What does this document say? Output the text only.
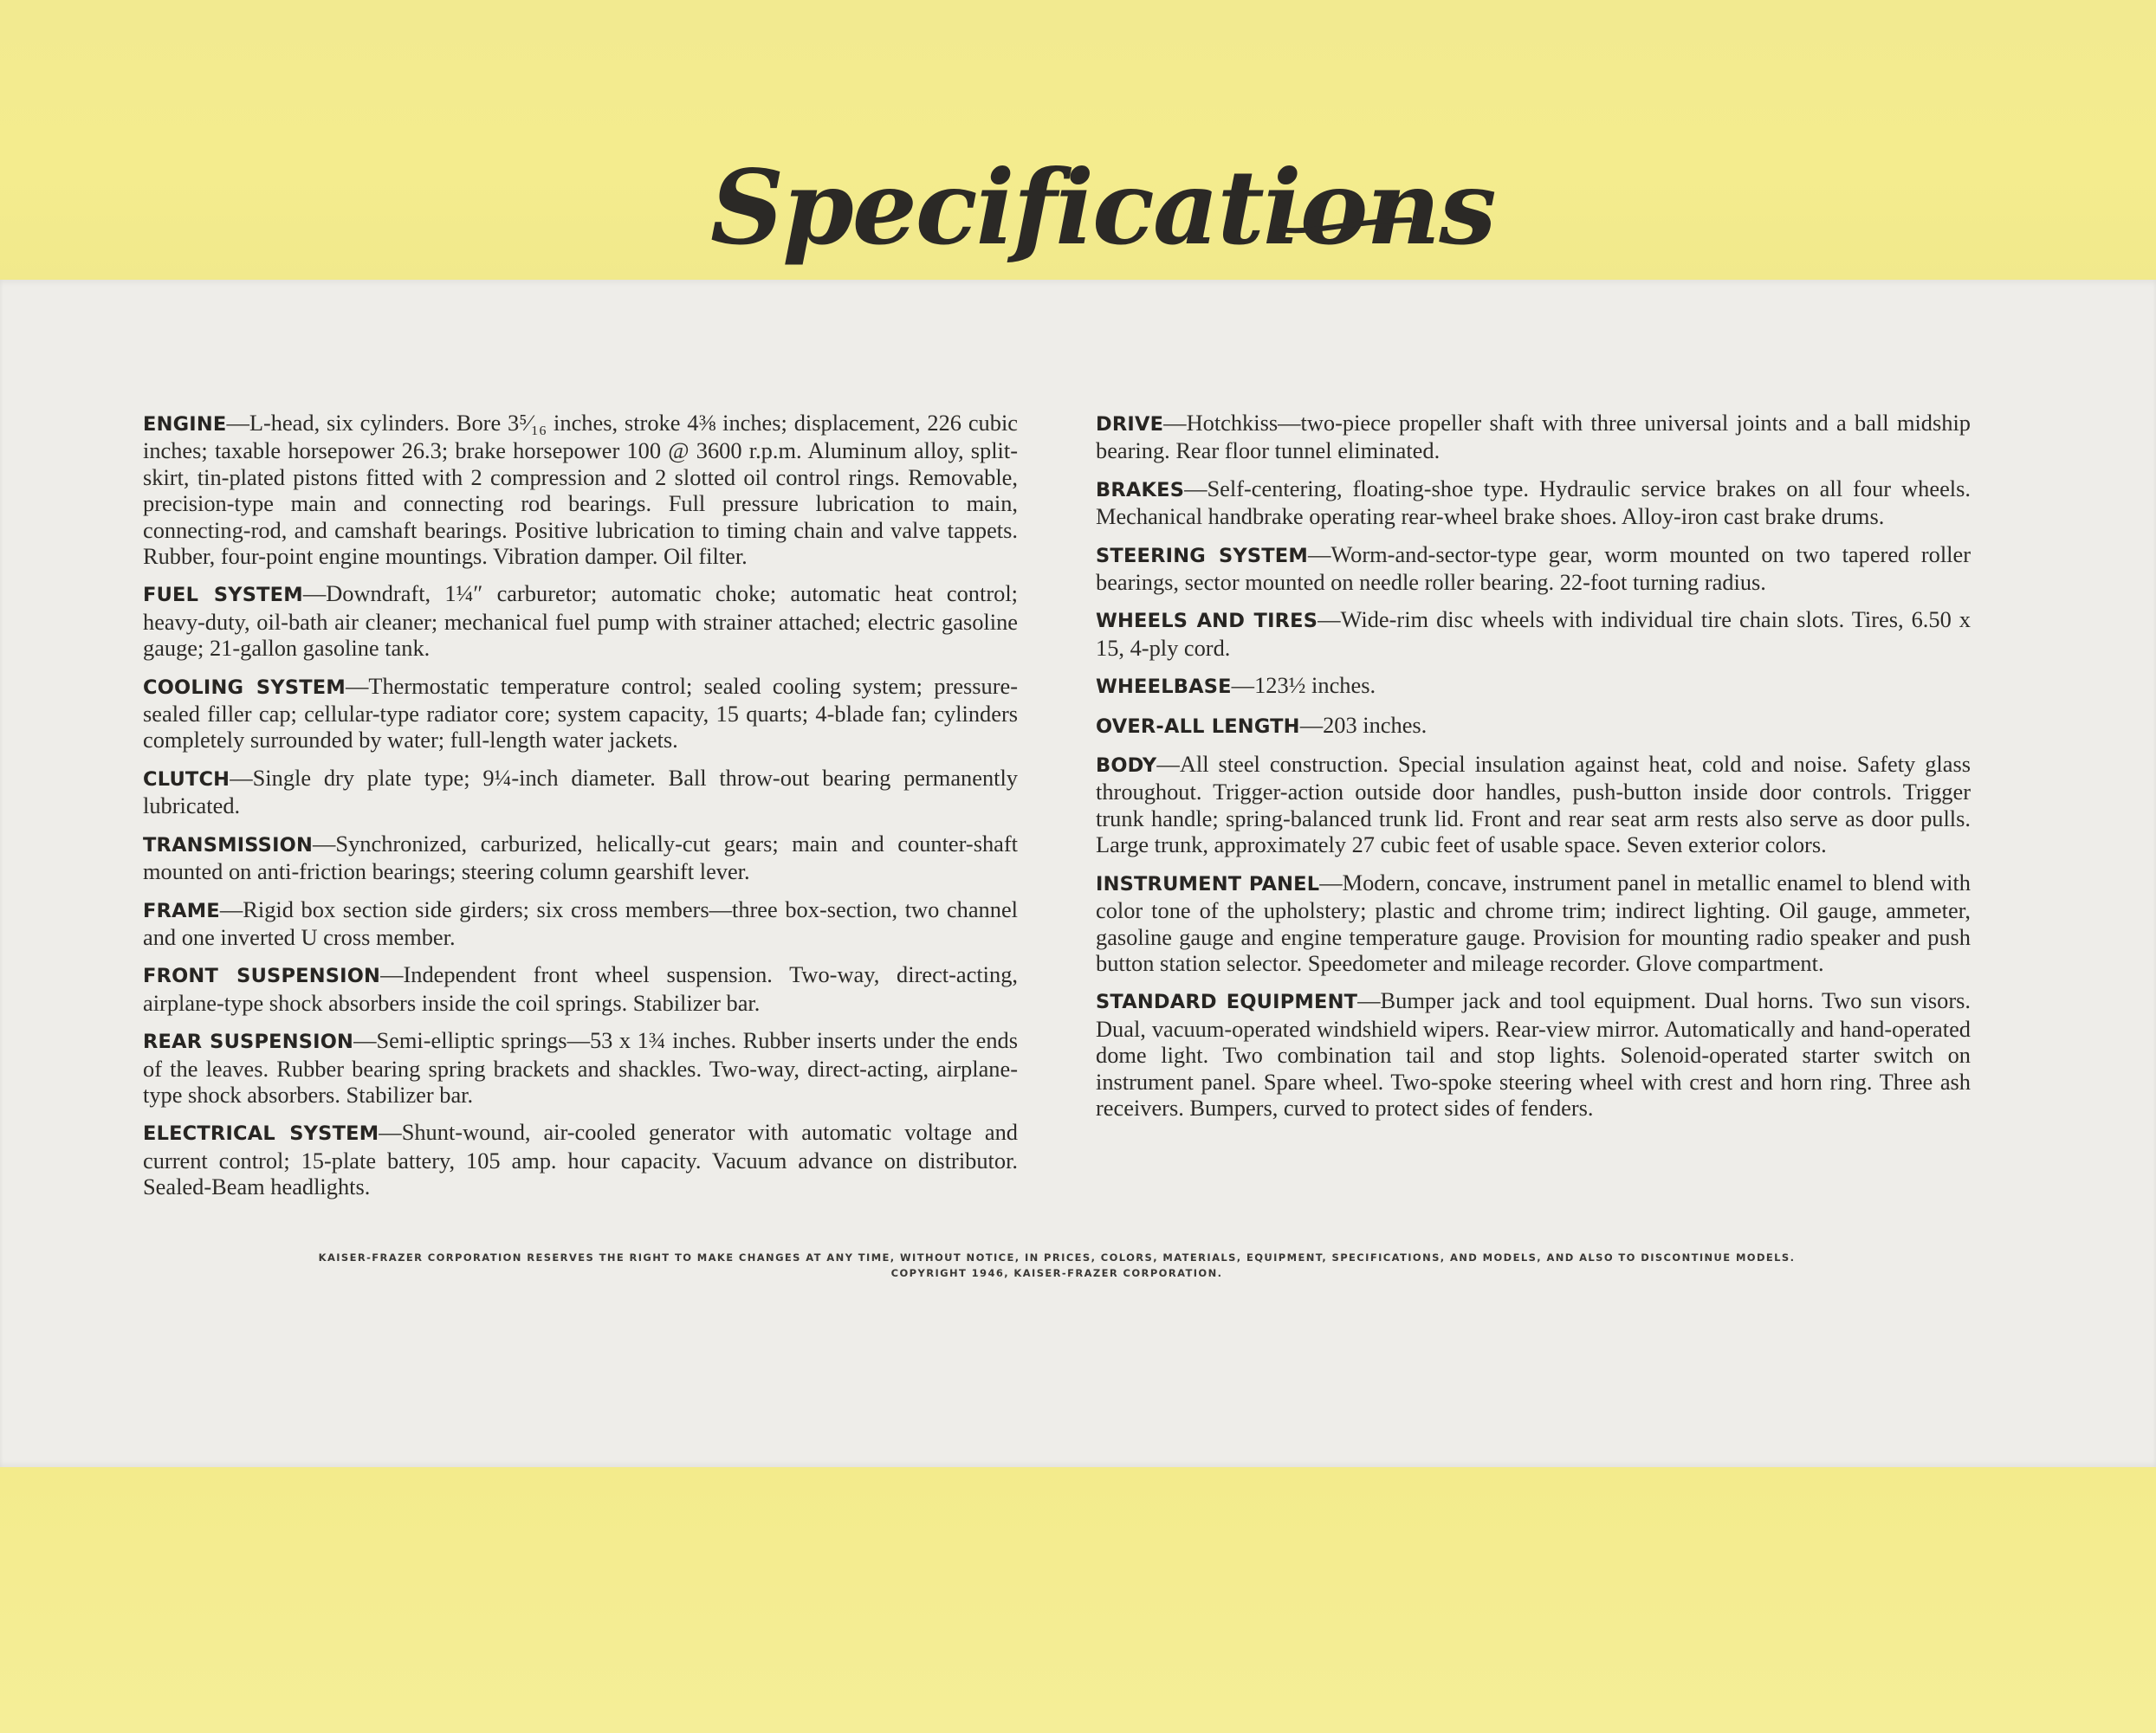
Specifications

ENGINE—L-head, six cylinders. Bore 3⁵⁄₁₆ inches, stroke 4⅜ inches; displacement, 226 cubic inches; taxable horsepower 26.3; brake horsepower 100 @ 3600 r.p.m. Aluminum alloy, split-skirt, tin-plated pistons fitted with 2 compression and 2 slotted oil control rings. Removable, precision-type main and connecting rod bearings. Full pressure lubrication to main, connecting-rod, and camshaft bearings. Positive lubrication to timing chain and valve tappets. Rubber, four-point engine mountings. Vibration damper. Oil filter.

FUEL SYSTEM—Downdraft, 1¼″ carburetor; automatic choke; automatic heat control; heavy-duty, oil-bath air cleaner; mechanical fuel pump with strainer attached; electric gasoline gauge; 21-gallon gasoline tank.

COOLING SYSTEM—Thermostatic temperature control; sealed cooling system; pressure-sealed filler cap; cellular-type radiator core; system capacity, 15 quarts; 4-blade fan; cylinders completely surrounded by water; full-length water jackets.

CLUTCH—Single dry plate type; 9¼-inch diameter. Ball throw-out bearing permanently lubricated.

TRANSMISSION—Synchronized, carburized, helically-cut gears; main and counter-shaft mounted on anti-friction bearings; steering column gearshift lever.

FRAME—Rigid box section side girders; six cross members—three box-section, two channel and one inverted U cross member.

FRONT SUSPENSION—Independent front wheel suspension. Two-way, direct-acting, airplane-type shock absorbers inside the coil springs. Stabilizer bar.

REAR SUSPENSION—Semi-elliptic springs—53 x 1¾ inches. Rubber inserts under the ends of the leaves. Rubber bearing spring brackets and shackles. Two-way, direct-acting, airplane-type shock absorbers. Stabilizer bar.

ELECTRICAL SYSTEM—Shunt-wound, air-cooled generator with automatic voltage and current control; 15-plate battery, 105 amp. hour capacity. Vacuum advance on distributor. Sealed-Beam headlights.

DRIVE—Hotchkiss—two-piece propeller shaft with three universal joints and a ball midship bearing. Rear floor tunnel eliminated.

BRAKES—Self-centering, floating-shoe type. Hydraulic service brakes on all four wheels. Mechanical handbrake operating rear-wheel brake shoes. Alloy-iron cast brake drums.

STEERING SYSTEM—Worm-and-sector-type gear, worm mounted on two tapered roller bearings, sector mounted on needle roller bearing. 22-foot turning radius.

WHEELS AND TIRES—Wide-rim disc wheels with individual tire chain slots. Tires, 6.50 x 15, 4-ply cord.

WHEELBASE—123½ inches.

OVER-ALL LENGTH—203 inches.

BODY—All steel construction. Special insulation against heat, cold and noise. Safety glass throughout. Trigger-action outside door handles, push-button inside door controls. Trigger trunk handle; spring-balanced trunk lid. Front and rear seat arm rests also serve as door pulls. Large trunk, approximately 27 cubic feet of usable space. Seven exterior colors.

INSTRUMENT PANEL—Modern, concave, instrument panel in metallic enamel to blend with color tone of the upholstery; plastic and chrome trim; indirect lighting. Oil gauge, ammeter, gasoline gauge and engine temperature gauge. Provision for mounting radio speaker and push button station selector. Speedometer and mileage recorder. Glove compartment.

STANDARD EQUIPMENT—Bumper jack and tool equipment. Dual horns. Two sun visors. Dual, vacuum-operated windshield wipers. Rear-view mirror. Automatically and hand-operated dome light. Two combination tail and stop lights. Solenoid-operated starter switch on instrument panel. Spare wheel. Two-spoke steering wheel with crest and horn ring. Three ash receivers. Bumpers, curved to protect sides of fenders.

KAISER-FRAZER CORPORATION RESERVES THE RIGHT TO MAKE CHANGES AT ANY TIME, WITHOUT NOTICE, IN PRICES, COLORS, MATERIALS, EQUIPMENT, SPECIFICATIONS, AND MODELS, AND ALSO TO DISCONTINUE MODELS.
COPYRIGHT 1946, KAISER-FRAZER CORPORATION.
